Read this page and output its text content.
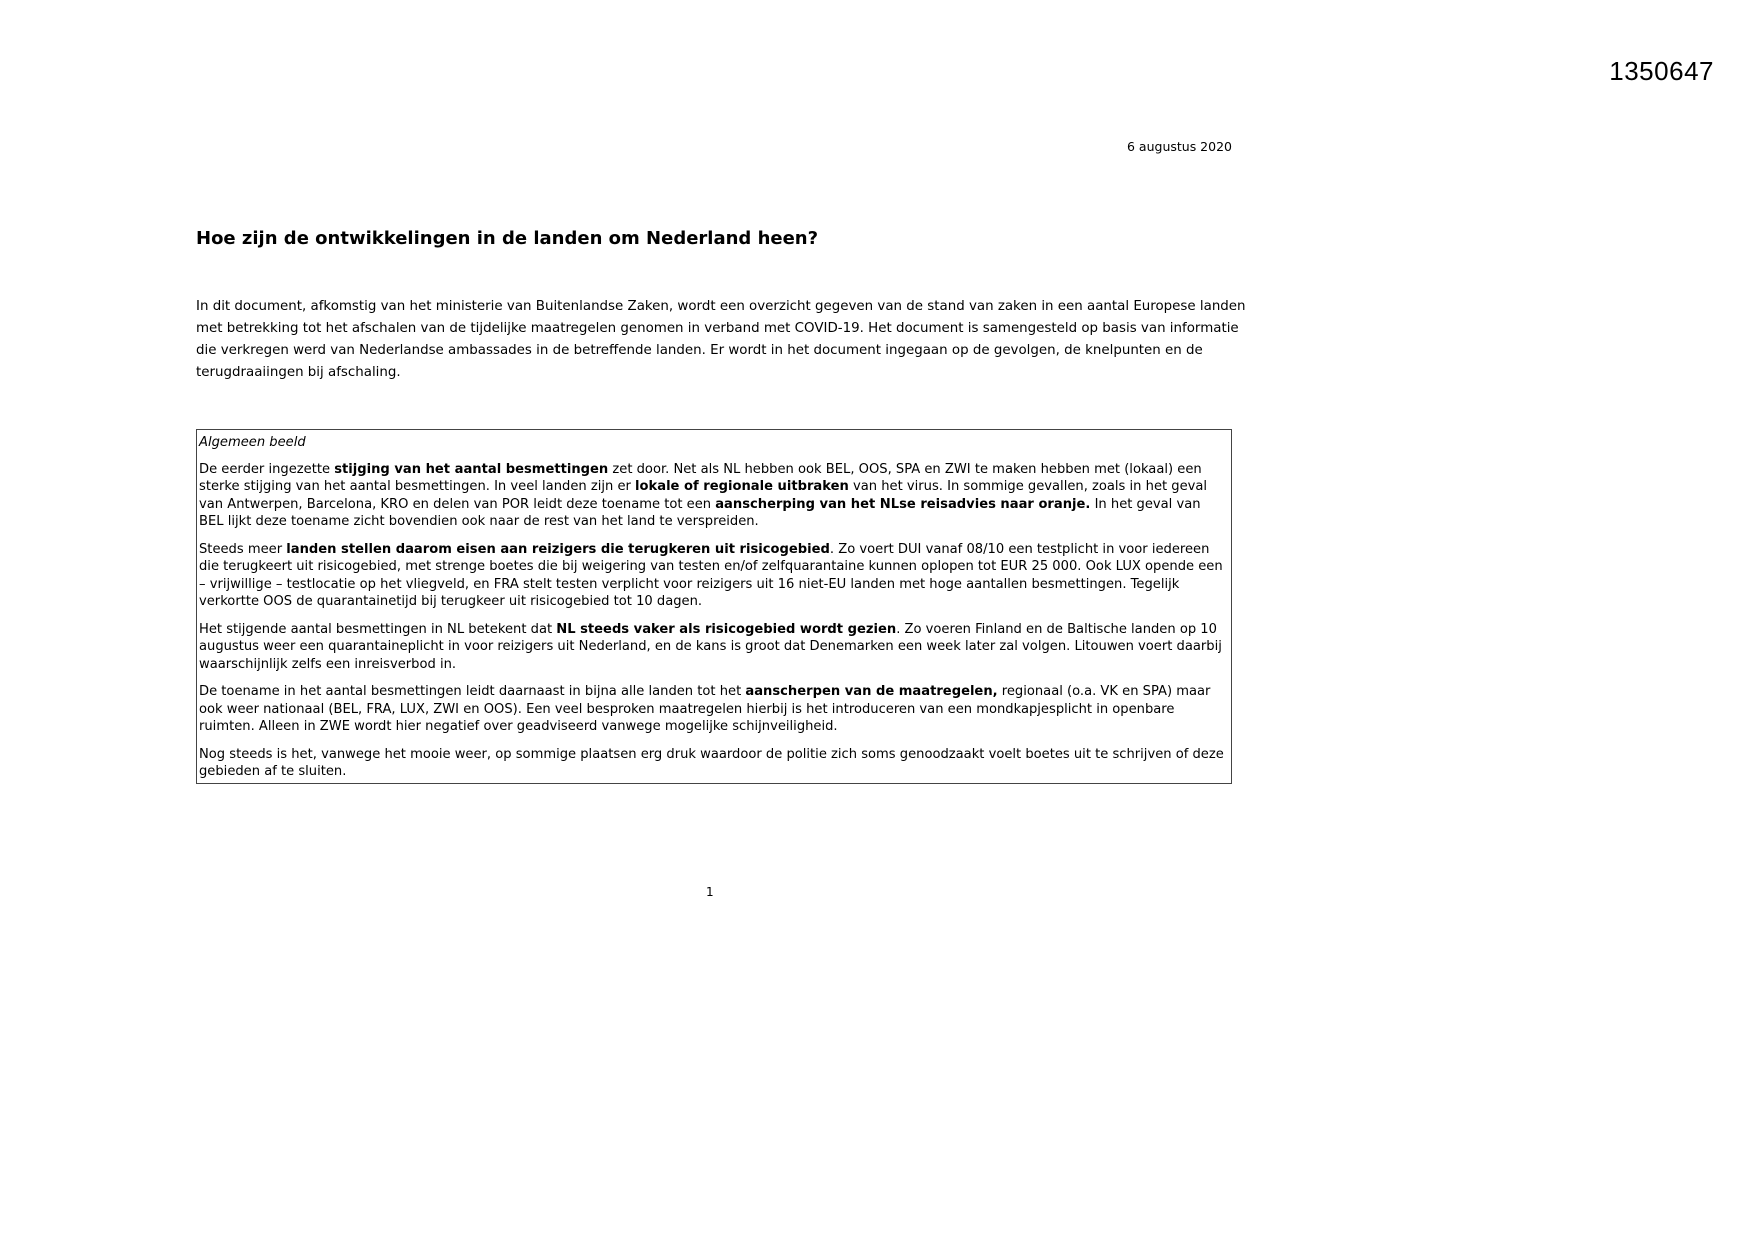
1350647
6 augustus 2020
Hoe zijn de ontwikkelingen in de landen om Nederland heen?

In dit document, afkomstig van het ministerie van Buitenlandse Zaken, wordt een overzicht gegeven van de stand van zaken in een aantal Europese landen met betrekking tot het afschalen van de tijdelijke maatregelen genomen in verband met COVID-19. Het document is samengesteld op basis van informatie die verkregen werd van Nederlandse ambassades in de betreffende landen. Er wordt in het document ingegaan op de gevolgen, de knelpunten en de terugdraaiingen bij afschaling.

Algemeen beeld

De eerder ingezette stijging van het aantal besmettingen zet door. Net als NL hebben ook BEL, OOS, SPA en ZWI te maken hebben met (lokaal) een sterke stijging van het aantal besmettingen. In veel landen zijn er lokale of regionale uitbraken van het virus. In sommige gevallen, zoals in het geval van Antwerpen, Barcelona, KRO en delen van POR leidt deze toename tot een aanscherping van het NLse reisadvies naar oranje. In het geval van BEL lijkt deze toename zicht bovendien ook naar de rest van het land te verspreiden.

Steeds meer landen stellen daarom eisen aan reizigers die terugkeren uit risicogebied. Zo voert DUI vanaf 08/10 een testplicht in voor iedereen die terugkeert uit risicogebied, met strenge boetes die bij weigering van testen en/of zelfquarantaine kunnen oplopen tot EUR 25 000. Ook LUX opende een – vrijwillige – testlocatie op het vliegveld, en FRA stelt testen verplicht voor reizigers uit 16 niet-EU landen met hoge aantallen besmettingen. Tegelijk verkortte OOS de quarantainetijd bij terugkeer uit risicogebied tot 10 dagen.

Het stijgende aantal besmettingen in NL betekent dat NL steeds vaker als risicogebied wordt gezien. Zo voeren Finland en de Baltische landen op 10 augustus weer een quarantaineplicht in voor reizigers uit Nederland, en de kans is groot dat Denemarken een week later zal volgen. Litouwen voert daarbij waarschijnlijk zelfs een inreisverbod in.

De toename in het aantal besmettingen leidt daarnaast in bijna alle landen tot het aanscherpen van de maatregelen, regionaal (o.a. VK en SPA) maar ook weer nationaal (BEL, FRA, LUX, ZWI en OOS). Een veel besproken maatregelen hierbij is het introduceren van een mondkapjesplicht in openbare ruimten. Alleen in ZWE wordt hier negatief over geadviseerd vanwege mogelijke schijnveiligheid.

Nog steeds is het, vanwege het mooie weer, op sommige plaatsen erg druk waardoor de politie zich soms genoodzaakt voelt boetes uit te schrijven of deze gebieden af te sluiten.

1
